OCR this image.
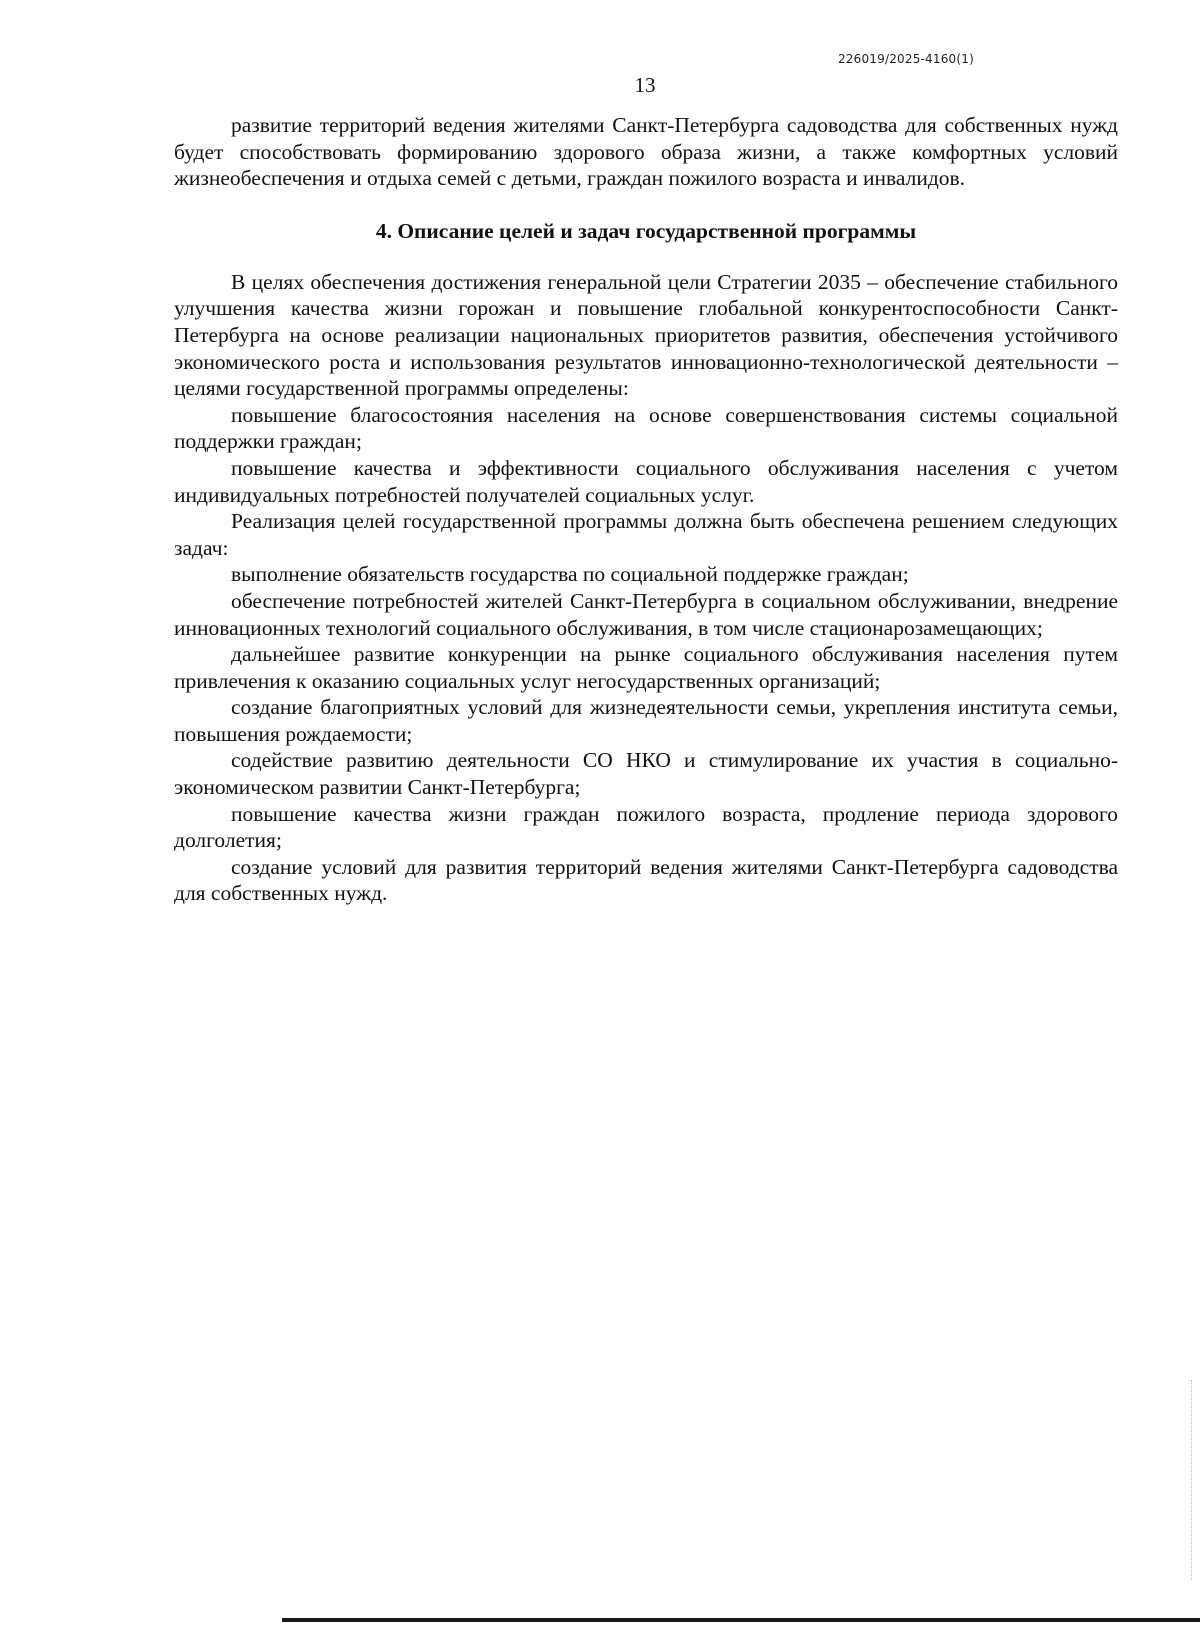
226019/2025-4160(1)
13

развитие территорий ведения жителями Санкт-Петербурга садоводства для собственных нужд будет способствовать формированию здорового образа жизни, а также комфортных условий жизнеобеспечения и отдыха семей с детьми, граждан пожилого возраста и инвалидов.

4. Описание целей и задач государственной программы

В целях обеспечения достижения генеральной цели Стратегии 2035 – обеспечение стабильного улучшения качества жизни горожан и повышение глобальной конкурентоспособности Санкт-Петербурга на основе реализации национальных приоритетов развития, обеспечения устойчивого экономического роста и использования результатов инновационно-технологической деятельности – целями государственной программы определены:

повышение благосостояния населения на основе совершенствования системы социальной поддержки граждан;

повышение качества и эффективности социального обслуживания населения с учетом индивидуальных потребностей получателей социальных услуг.

Реализация целей государственной программы должна быть обеспечена решением следующих задач:

выполнение обязательств государства по социальной поддержке граждан;

обеспечение потребностей жителей Санкт-Петербурга в социальном обслуживании, внедрение инновационных технологий социального обслуживания, в том числе стационарозамещающих;

дальнейшее развитие конкуренции на рынке социального обслуживания населения путем привлечения к оказанию социальных услуг негосударственных организаций;

создание благоприятных условий для жизнедеятельности семьи, укрепления института семьи, повышения рождаемости;

содействие развитию деятельности СО НКО и стимулирование их участия в социально-экономическом развитии Санкт-Петербурга;

повышение качества жизни граждан пожилого возраста, продление периода здорового долголетия;

создание условий для развития территорий ведения жителями Санкт-Петербурга садоводства для собственных нужд.
